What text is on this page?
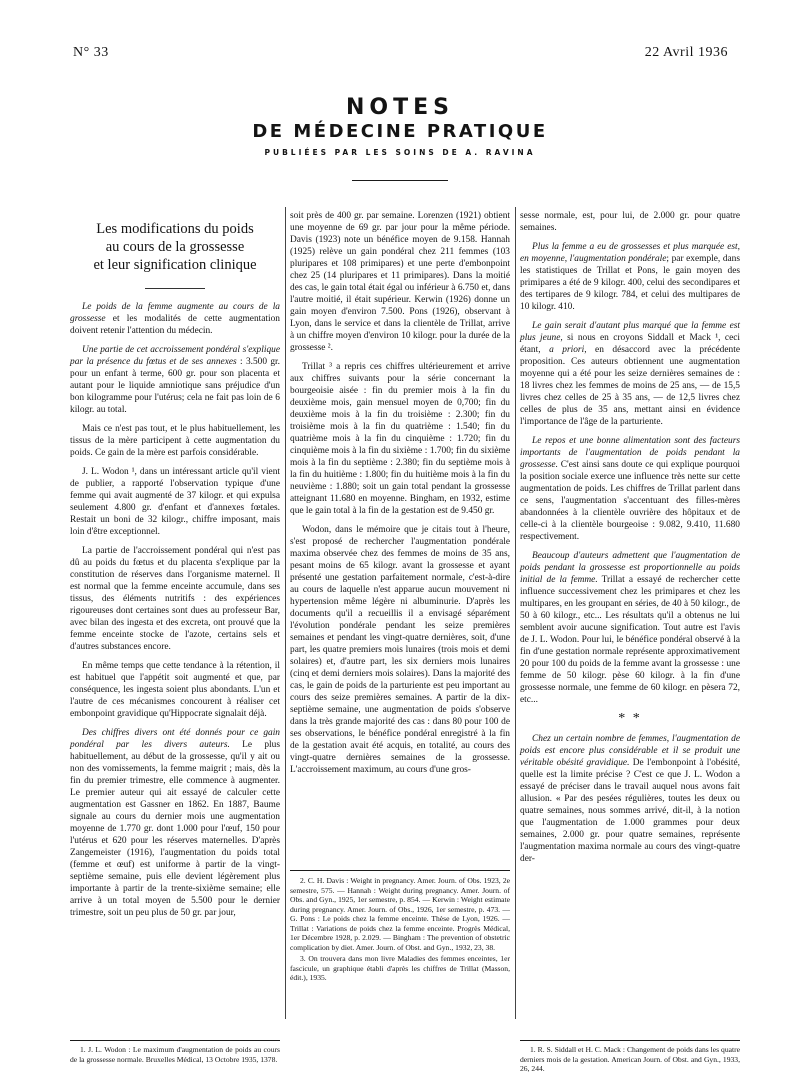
N° 33	22 Avril 1936
NOTES
DE MÉDECINE PRATIQUE
PUBLIÉES PAR LES SOINS DE A. RAVINA
Les modifications du poids
au cours de la grossesse
et leur signification clinique

Le poids de la femme augmente au cours de la grossesse et les modalités de cette augmentation doivent retenir l'attention du médecin.

Une partie de cet accroissement pondéral s'explique par la présence du fœtus et de ses annexes : 3.500 gr. pour un enfant à terme, 600 gr. pour son placenta et autant pour le liquide amniotique sans préjudice d'un bon kilogramme pour l'utérus; cela ne fait pas loin de 6 kilogr. au total.

Mais ce n'est pas tout, et le plus habituellement, les tissus de la mère participent à cette augmentation du poids. Ce gain de la mère est parfois considérable.

J. L. Wodon ¹, dans un intéressant article qu'il vient de publier, a rapporté l'observation typique d'une femme qui avait augmenté de 37 kilogr. et qui expulsa seulement 4.800 gr. d'enfant et d'annexes fœtales. Restait un boni de 32 kilogr., chiffre imposant, mais loin d'être exceptionnel.

La partie de l'accroissement pondéral qui n'est pas dû au poids du fœtus et du placenta s'explique par la constitution de réserves dans l'organisme maternel. Il est normal que la femme enceinte accumule, dans ses tissus, des éléments nutritifs : des expériences rigoureuses dont certaines sont dues au professeur Bar, avec bilan des ingesta et des excreta, ont prouvé que la femme enceinte stocke de l'azote, certains sels et d'autres substances encore.

En même temps que cette tendance à la rétention, il est habituel que l'appétit soit augmenté et que, par conséquence, les ingesta soient plus abondants. L'un et l'autre de ces mécanismes concourent à réaliser cet embonpoint gravidique qu'Hippocrate signalait déjà.

Des chiffres divers ont été donnés pour ce gain pondéral par les divers auteurs. Le plus habituellement, au début de la grossesse, qu'il y ait ou non des vomissements, la femme maigrit ; mais, dès la fin du premier trimestre, elle commence à augmenter. Le premier auteur qui ait essayé de calculer cette augmentation est Gassner en 1862. En 1887, Baume signale au cours du dernier mois une augmentation moyenne de 1.770 gr. dont 1.000 pour l'œuf, 150 pour l'utérus et 620 pour les réserves maternelles. D'après Zangemeister (1916), l'augmentation du poids total (femme et œuf) est uniforme à partir de la vingt-septième semaine, puis elle devient légèrement plus importante à partir de la trente-sixième semaine; elle arrive à un total moyen de 5.500 pour le dernier trimestre, soit un peu plus de 50 gr. par jour,

1. J. L. Wodon : Le maximum d'augmentation de poids au cours de la grossesse normale. Bruxelles Médical, 13 Octobre 1935, 1378.

soit près de 400 gr. par semaine. Lorenzen (1921) obtient une moyenne de 69 gr. par jour pour la même période. Davis (1923) note un bénéfice moyen de 9.158. Hannah (1925) relève un gain pondéral chez 211 femmes (103 pluripares et 108 primipares) et une perte d'embonpoint chez 25 (14 pluripares et 11 primipares). Dans la moitié des cas, le gain total était égal ou inférieur à 6.750 et, dans l'autre moitié, il était supérieur. Kerwin (1926) donne un gain moyen d'environ 7.500. Pons (1926), observant à Lyon, dans le service et dans la clientèle de Trillat, arrive à un chiffre moyen d'environ 10 kilogr. pour la durée de la grossesse ².

Trillat ³ a repris ces chiffres ultérieurement et arrive aux chiffres suivants pour la série concernant la bourgeoisie aisée : fin du premier mois à la fin du deuxième mois, gain mensuel moyen de 0,700; fin du deuxième mois à la fin du troisième : 2.300; fin du troisième mois à la fin du quatrième : 1.540; fin du quatrième mois à la fin du cinquième : 1.720; fin du cinquième mois à la fin du sixième : 1.700; fin du sixième mois à la fin du septième : 2.380; fin du septième mois à la fin du huitième : 1.800; fin du huitième mois à la fin du neuvième : 1.880; soit un gain total pendant la grossesse atteignant 11.680 en moyenne. Bingham, en 1932, estime que le gain total à la fin de la gestation est de 9.450 gr.

Wodon, dans le mémoire que je citais tout à l'heure, s'est proposé de rechercher l'augmentation pondérale maxima observée chez des femmes de moins de 35 ans, pesant moins de 65 kilogr. avant la grossesse et ayant présenté une gestation parfaitement normale, c'est-à-dire au cours de laquelle n'est apparue aucun mouvement ni hypertension même légère ni albuminurie. D'après les documents qu'il a recueillis il a envisagé séparément l'évolution pondérale pendant les seize premières semaines et pendant les vingt-quatre dernières, soit, d'une part, les quatre premiers mois lunaires (trois mois et demi solaires) et, d'autre part, les six derniers mois lunaires (cinq et demi derniers mois solaires). Dans la majorité des cas, le gain de poids de la parturiente est peu important au cours des seize premières semaines. A partir de la dix-septième semaine, une augmentation de poids s'observe dans la très grande majorité des cas : dans 80 pour 100 de ses observations, le bénéfice pondéral enregistré à la fin de la gestation avait été acquis, en totalité, au cours des vingt-quatre dernières semaines de la grossesse. L'accroissement maximum, au cours d'une gros-

2. C. H. Davis : Weight in pregnancy. Amer. Journ. of Obs. 1923, 2e semestre, 575. — Hannah : Weight during pregnancy. Amer. Journ. of Obs. and Gyn., 1925, 1er semestre, p. 854. — Kerwin : Weight estimate during pregnancy. Amer. Journ. of Obs., 1926, 1er semestre, p. 473. — G. Pons : Le poids chez la femme enceinte. Thèse de Lyon, 1926. — Trillat : Variations de poids chez la femme enceinte. Progrès Médical, 1er Décembre 1928, p. 2.029. — Bingham : The prevention of obstetric complication by diet. Amer. Journ. of Obst. and Gyn., 1932, 23, 38.

3. On trouvera dans mon livre Maladies des femmes enceintes, 1er fascicule, un graphique établi d'après les chiffres de Trillat (Masson, édit.), 1935.

sesse normale, est, pour lui, de 2.000 gr. pour quatre semaines.

Plus la femme a eu de grossesses et plus marquée est, en moyenne, l'augmentation pondérale; par exemple, dans les statistiques de Trillat et Pons, le gain moyen des primipares a été de 9 kilogr. 400, celui des secondipares et des tertipares de 9 kilogr. 784, et celui des multipares de 10 kilogr. 410.

Le gain serait d'autant plus marqué que la femme est plus jeune, si nous en croyons Siddall et Mack ¹, ceci étant, a priori, en désaccord avec la précédente proposition. Ces auteurs obtiennent une augmentation moyenne qui a été pour les seize dernières semaines de : 18 livres chez les femmes de moins de 25 ans, — de 15,5 livres chez celles de 25 à 35 ans, — de 12,5 livres chez celles de plus de 35 ans, mettant ainsi en évidence l'importance de l'âge de la parturiente.

Le repos et une bonne alimentation sont des facteurs importants de l'augmentation de poids pendant la grossesse. C'est ainsi sans doute ce qui explique pourquoi la position sociale exerce une influence très nette sur cette augmentation de poids. Les chiffres de Trillat parlent dans ce sens, l'augmentation s'accentuant des filles-mères abandonnées à la clientèle ouvrière des hôpitaux et de celle-ci à la clientèle bourgeoise : 9.082, 9.410, 11.680 respectivement.

Beaucoup d'auteurs admettent que l'augmentation de poids pendant la grossesse est proportionnelle au poids initial de la femme. Trillat a essayé de rechercher cette influence successivement chez les primipares et chez les multipares, en les groupant en séries, de 40 à 50 kilogr., de 50 à 60 kilogr., etc... Les résultats qu'il a obtenus ne lui semblent avoir aucune signification. Tout autre est l'avis de J. L. Wodon. Pour lui, le bénéfice pondéral observé à la fin d'une gestation normale représente approximativement 20 pour 100 du poids de la femme avant la grossesse : une femme de 50 kilogr. pèse 60 kilogr. à la fin d'une grossesse normale, une femme de 60 kilogr. en pèsera 72, etc...

* *

Chez un certain nombre de femmes, l'augmentation de poids est encore plus considérable et il se produit une véritable obésité gravidique. De l'embonpoint à l'obésité, quelle est la limite précise ? C'est ce que J. L. Wodon a essayé de préciser dans le travail auquel nous avons fait allusion. « Par des pesées régulières, toutes les deux ou quatre semaines, nous sommes arrivé, dit-il, à la notion que l'augmentation de 1.000 grammes pour deux semaines, 2.000 gr. pour quatre semaines, représente l'augmentation maxima normale au cours des vingt-quatre der-

1. R. S. Siddall et H. C. Mack : Changement de poids dans les quatre derniers mois de la gestation. American Journ. of Obst. and Gyn., 1933, 26, 244.
